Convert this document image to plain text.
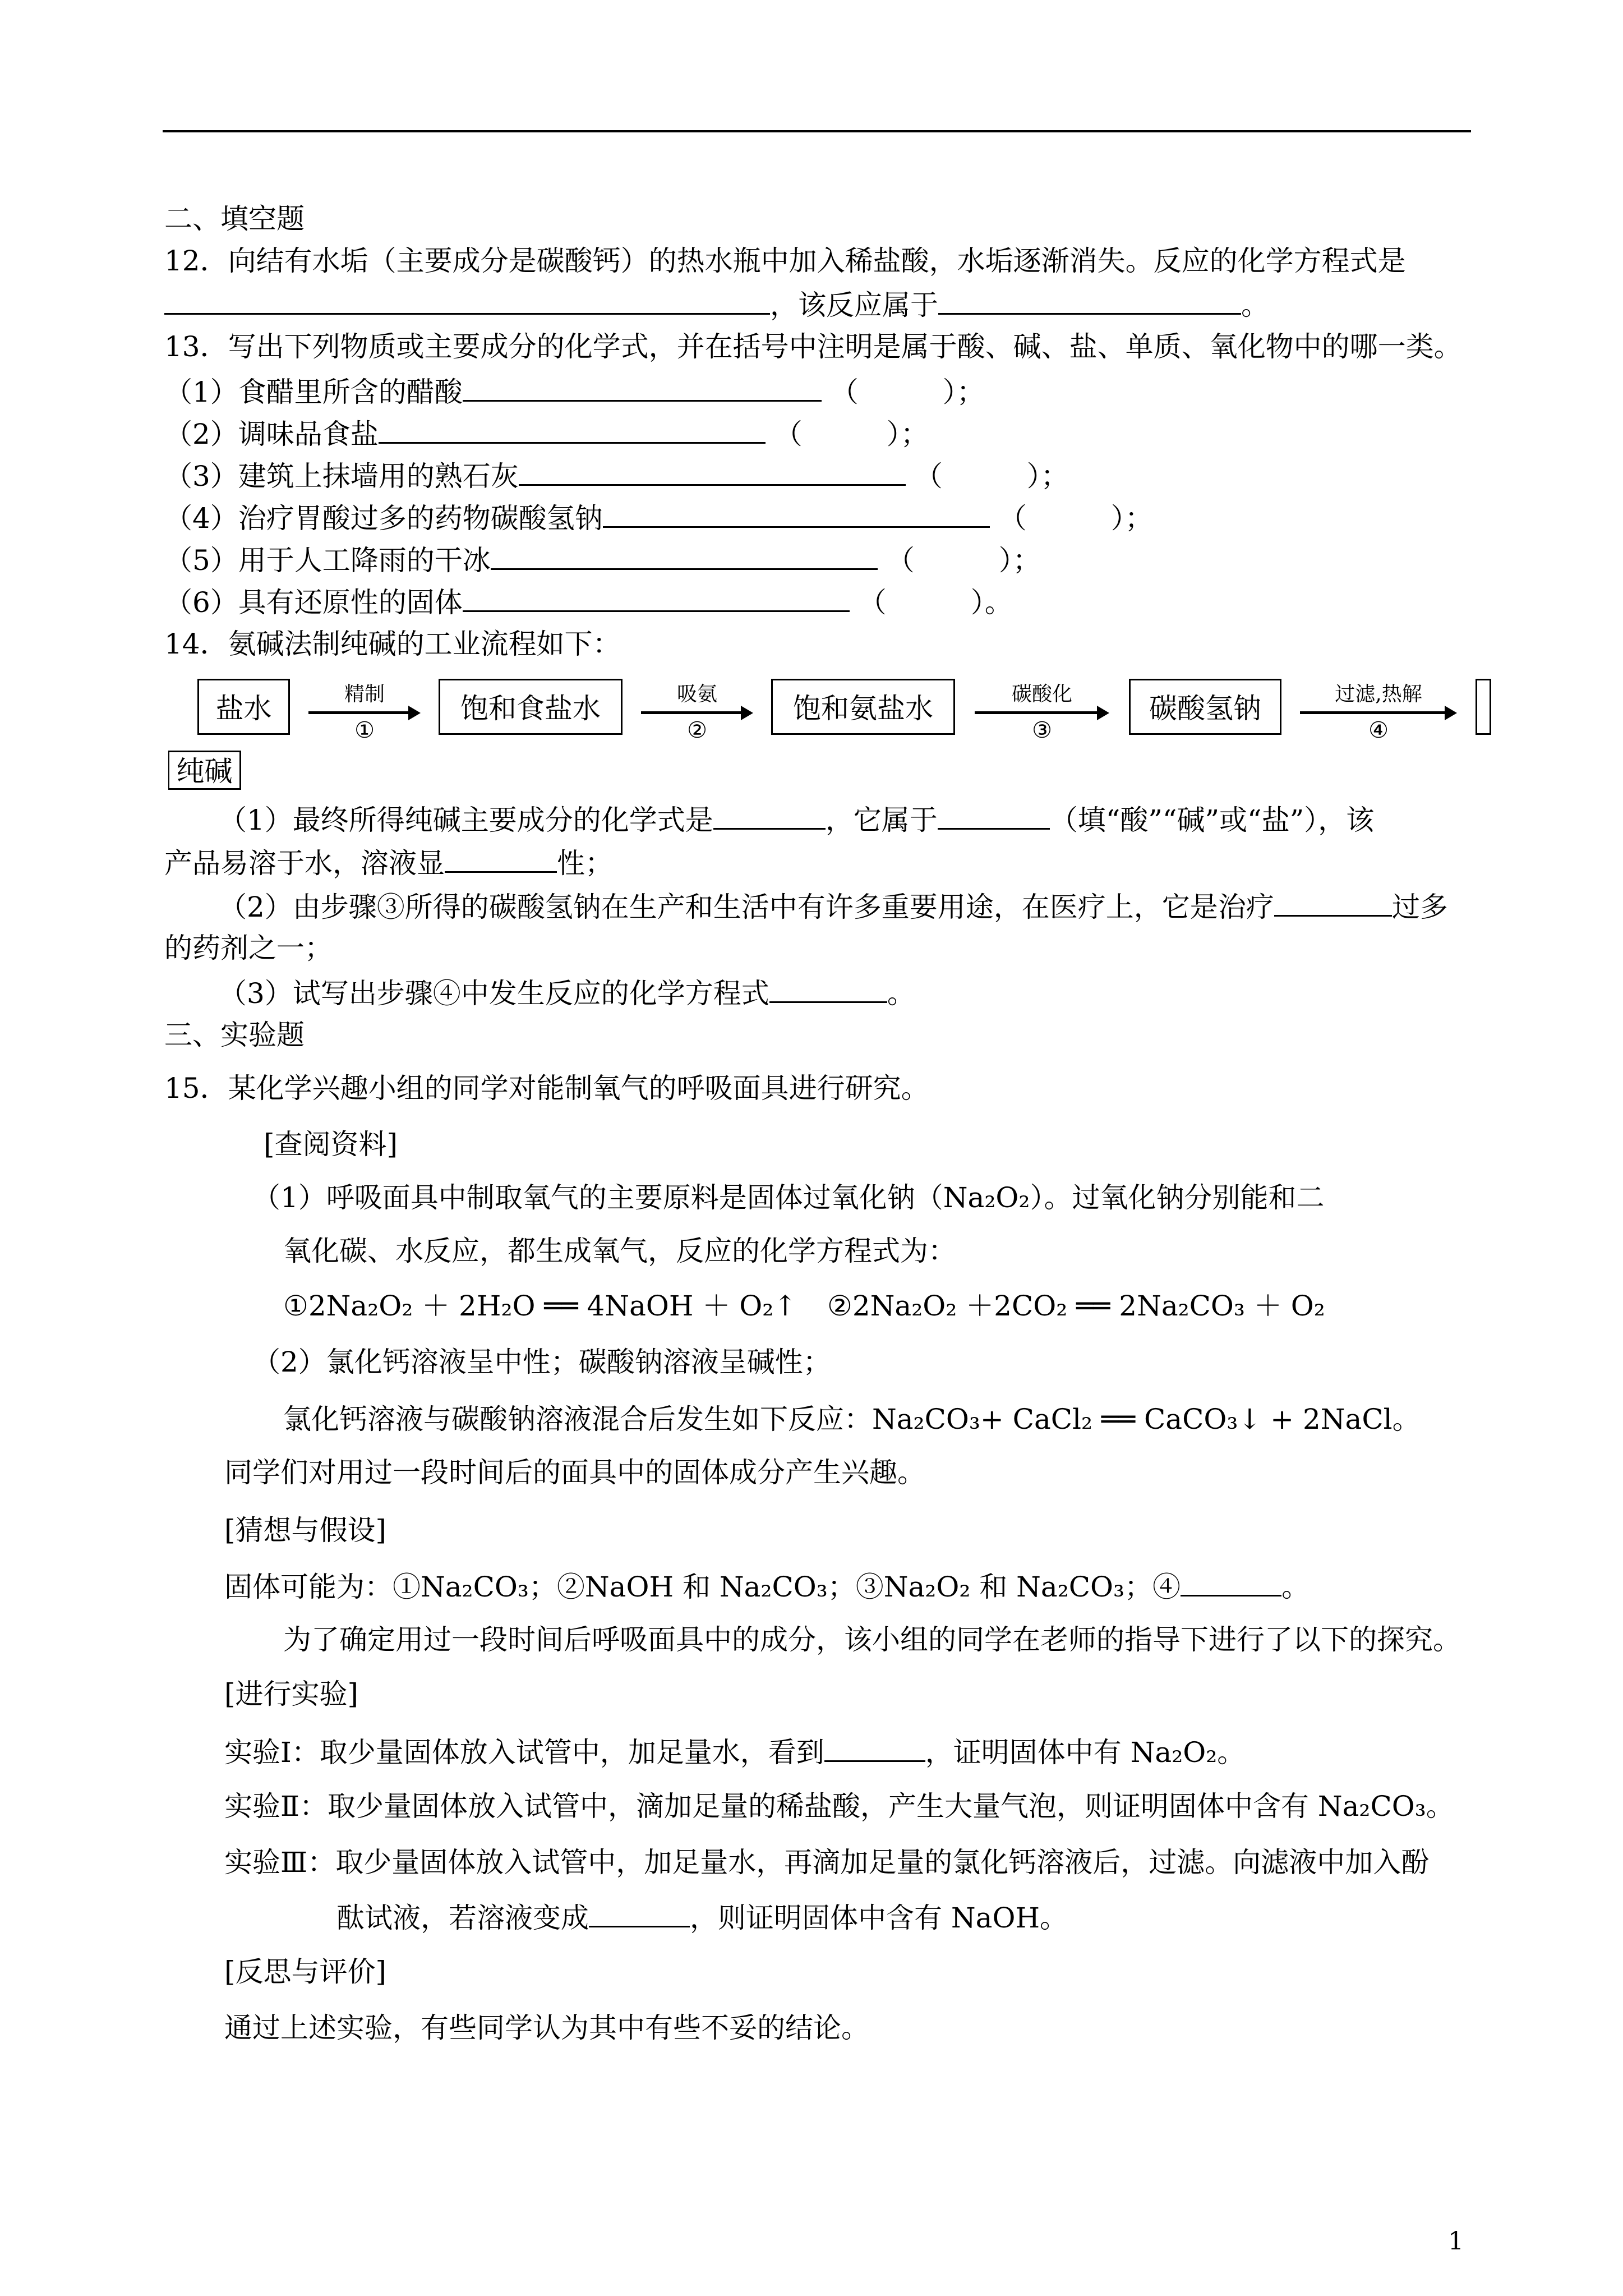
二、填空题
12．向结有水垢（主要成分是碳酸钙）的热水瓶中加入稀盐酸，水垢逐渐消失。反应的化学方程式是
，该反应属于	。
13．写出下列物质或主要成分的化学式，并在括号中注明是属于酸、碱、盐、单质、氧化物中的哪一类。
（1）食醋里所含的醋酸	（　　　）；
（2）调味品食盐	（　　　）；
（3）建筑上抹墙用的熟石灰	（　　　）；
（4）治疗胃酸过多的药物碳酸氢钠	（　　　）；
（5）用于人工降雨的干冰	（　　　）；
（6）具有还原性的固体	（　　　）。
14．氨碱法制纯碱的工业流程如下：
盐水	精制
①
饱和食盐水	吸氨
②
饱和氨盐水	碳酸化
③
碳酸氢钠	过滤,热解
④
纯碱
（1）最终所得纯碱主要成分的化学式是	，它属于	（填“酸”“碱”或“盐”），该
产品易溶于水，溶液显	性；
（2）由步骤③所得的碳酸氢钠在生产和生活中有许多重要用途，在医疗上，它是治疗	过多
的药剂之一；
（3）试写出步骤④中发生反应的化学方程式	。
三、实验题
15．某化学兴趣小组的同学对能制氧气的呼吸面具进行研究。
[查阅资料]
（1）呼吸面具中制取氧气的主要原料是固体过氧化钠（Na₂O₂）。过氧化钠分别能和二
氧化碳、水反应，都生成氧气，反应的化学方程式为：
①2Na₂O₂ ＋ 2H₂O ══ 4NaOH ＋ O₂↑ ②2Na₂O₂ ＋2CO₂ ══ 2Na₂CO₃ ＋ O₂
（2）氯化钙溶液呈中性；碳酸钠溶液呈碱性；
氯化钙溶液与碳酸钠溶液混合后发生如下反应：Na₂CO₃+ CaCl₂ ══ CaCO₃↓ + 2NaCl。
同学们对用过一段时间后的面具中的固体成分产生兴趣。
[猜想与假设]
固体可能为：①Na₂CO₃；②NaOH 和 Na₂CO₃；③Na₂O₂ 和 Na₂CO₃；④	。
为了确定用过一段时间后呼吸面具中的成分，该小组的同学在老师的指导下进行了以下的探究。
[进行实验]
实验Ⅰ：取少量固体放入试管中，加足量水，看到	，证明固体中有 Na₂O₂。
实验Ⅱ：取少量固体放入试管中，滴加足量的稀盐酸，产生大量气泡，则证明固体中含有 Na₂CO₃。
实验Ⅲ：取少量固体放入试管中，加足量水，再滴加足量的氯化钙溶液后，过滤。向滤液中加入酚
酞试液，若溶液变成	，则证明固体中含有 NaOH。
[反思与评价]
通过上述实验，有些同学认为其中有些不妥的结论。
1
